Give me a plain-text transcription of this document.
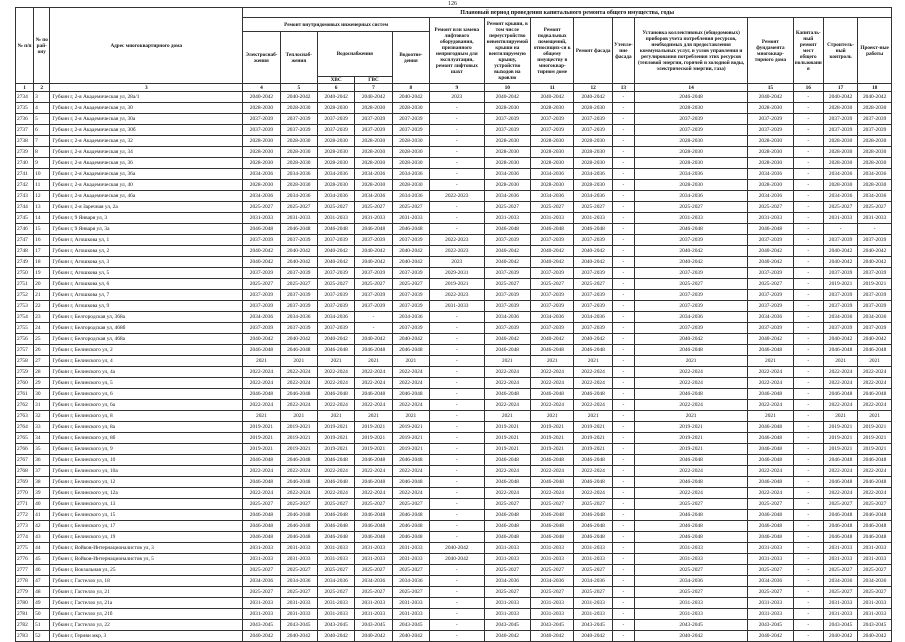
126
№ п/п	№ по рай-ону	Адрес многоквартирного дома	Плановый период проведения капитального ремонта общего имущества, годы														
			Ремонт внутридомовых инженерных систем					Ремонт или замена лифтового оборудования, признанного непригодным для эксплуатации, ремонт лифтовых шахт	Ремонт крыши, в том числе переустройство невентилируемой крыши на вентилируемую крышу, устройство выходов на кровлю	Ремонт подвальных помещений, относящих-ся к общему имуществу в многоквар-тирном доме	Ремонт фасада	Утепле-ние фасада	Установка коллективных (общедомовых) приборов учета потребления ресурсов, необходимых для предоставления коммунальных услуг, и узлов управления и регулирования потребления этих ресурсов (тепловой энергии, горячей и холодной воды, электрической энергии, газа)	Ремонт фундамента многоквар-тирного дома	Капиталь-ный ремонт мест общего пользовани я	Строитель-ный контроль	Проект-ные работы
			Электроснаб-жения	Теплоснаб-жения	Водоснабжения		Водоотве-дения										
					ХВС	ГВС											
1	2	3	4	5	6	7	8	9	10	11	12	13	14	15	16	17	18
2734	3	Губкин г, 2-я Академическая ул, 28а/1	2040-2042	2040-2042	2040-2042	2040-2042	2040-2042	2023	2040-2042	2040-2042	2040-2042	-	2046-2048	2040-2042	-	2040-2042	2040-2042
2735	4	Губкин г, 2-я Академическая ул, 30	2028-2030	2028-2030	2028-2030	2028-2030	2028-2030	-	2028-2030	2028-2030	2028-2030	-	2028-2030	2028-2030	-	2028-2030	2028-2030
2736	5	Губкин г, 2-я Академическая ул, 30а	2037-2039	2037-2039	2037-2039	2037-2039	2037-2039	-	2037-2039	2037-2039	2037-2039	-	2037-2039	2037-2039	-	2037-2039	2037-2039
2737	6	Губкин г, 2-я Академическая ул, 30б	2037-2039	2037-2039	2037-2039	2037-2039	2037-2039	-	2037-2039	2037-2039	2037-2039	-	2037-2039	2037-2039	-	2037-2039	2037-2039
2738	7	Губкин г, 2-я Академическая ул, 32	2028-2030	2028-2030	2028-2030	2028-2030	2028-2030	-	2028-2030	2028-2030	2028-2030	-	2028-2030	2028-2030	-	2028-2030	2028-2030
2739	8	Губкин г, 2-я Академическая ул, 34	2028-2030	2028-2030	2028-2030	2028-2030	2028-2030	-	2028-2030	2028-2030	2028-2030	-	2028-2030	2028-2030	-	2028-2030	2028-2030
2740	9	Губкин г, 2-я Академическая ул, 36	2028-2030	2028-2030	2028-2030	2028-2030	2028-2030	-	2028-2030	2028-2030	2028-2030	-	2028-2030	2028-2030	-	2028-2030	2028-2030
2741	10	Губкин г, 2-я Академическая ул, 36а	2034-2036	2034-2036	2034-2036	2034-2036	2034-2036	-	2034-2036	2034-2036	2034-2036	-	2034-2036	2034-2036	-	2034-2036	2034-2036
2742	11	Губкин г, 2-я Академическая ул, 40	2028-2030	2028-2030	2028-2030	2028-2030	2028-2030	-	2028-2030	2028-2030	2028-2030	-	2028-2030	2028-2030	-	2028-2030	2028-2030
2743	12	Губкин г, 2-я Академическая ул, 46а	2034-2036	2034-2036	2034-2036	2034-2036	2034-2036	2022-2023	2034-2036	2034-2036	2034-2036	-	2034-2036	2034-2036	-	2034-2036	2034-2036
2744	13	Губкин г, 2-я Заречная ул, 2а	2025-2027	2025-2027	2025-2027	2025-2027	2025-2027	-	2025-2027	2025-2027	2025-2027	-	2025-2027	2025-2027	-	2025-2027	2025-2027
2745	14	Губкин г, 9 Января ул, 3	2031-2033	2031-2033	2031-2033	2031-2033	2031-2033	-	2031-2033	2031-2033	2031-2033	-	2031-2033	2031-2033	-	2031-2033	2031-2033
2746	15	Губкин г, 9 Января ул, 3а	2046-2048	2046-2048	2046-2048	2046-2048	2046-2048	-	2046-2048	2046-2048	2046-2048	-	2046-2048	2046-2048	-	-	-
2747	16	Губкин г, Агошкова ул, 1	2037-2039	2037-2039	2037-2039	2037-2039	2037-2039	2022-2023	2037-2039	2037-2039	2037-2039	-	2037-2039	2037-2039	-	2037-2039	2037-2039
2748	17	Губкин г, Агошкова ул, 2	2040-2042	2040-2042	2040-2042	2040-2042	2040-2042	2022-2023	2040-2042	2040-2042	2040-2042	-	2040-2042	2040-2042	-	2040-2042	2040-2042
2749	18	Губкин г, Агошкова ул, 3	2040-2042	2040-2042	2040-2042	2040-2042	2040-2042	2023	2040-2042	2040-2042	2040-2042	-	2040-2042	2040-2042	-	2040-2042	2040-2042
2750	19	Губкин г, Агошкова ул, 5	2037-2039	2037-2039	2037-2039	2037-2039	2037-2039	2029-2031	2037-2039	2037-2039	2037-2039	-	2037-2039	2037-2039	-	2037-2039	2037-2039
2751	20	Губкин г, Агошкова ул, 6	2025-2027	2025-2027	2025-2027	2025-2027	2025-2027	2019-2021	2025-2027	2025-2027	2025-2027	-	2025-2027	2025-2027	-	2019-2021	2019-2021
2752	21	Губкин г, Агошкова ул, 7	2037-2039	2037-2039	2037-2039	2037-2039	2037-2039	2022-2023	2037-2039	2037-2039	2037-2039	-	2037-2039	2037-2039	-	2037-2039	2037-2039
2753	22	Губкин г, Агошкова ул, 9	2037-2039	2037-2039	2037-2039	2037-2039	2037-2039	2031-2033	2037-2039	2037-2039	2037-2039	-	2037-2039	2037-2039	-	2037-2039	2037-2039
2754	23	Губкин г, Белгородская ул, 368а	2034-2036	2034-2036	2034-2036	-	2034-2036	-	2034-2036	2034-2036	2034-2036	-	2034-2036	2034-2036	-	2034-2036	2034-2036
2755	24	Губкин г, Белгородская ул, 468б	2037-2039	2037-2039	2037-2039	-	2037-2039	-	2037-2039	2037-2039	2037-2039	-	2037-2039	2037-2039	-	2037-2039	2037-2039
2756	25	Губкин г, Белгородская ул, 468а	2040-2042	2040-2042	2040-2042	2040-2042	2040-2042	-	2040-2042	2040-2042	2040-2042	-	2040-2042	2040-2042	-	2040-2042	2040-2042
2757	26	Губкин г, Белинского ул, 2	2046-2048	2046-2048	2046-2048	2046-2048	2046-2048	-	2046-2048	2046-2048	2046-2048	-	2046-2048	2046-2048	-	2046-2048	2046-2048
2758	27	Губкин г, Белинского ул, 4	2021	2021	2021	2021	2021	-	2021	2021	2021	-	2021	2021	-	2021	2021
2759	28	Губкин г, Белинского ул, 4а	2022-2024	2022-2024	2022-2024	2022-2024	2022-2024	-	2022-2024	2022-2024	2022-2024	-	2022-2024	2022-2024	-	2022-2024	2022-2024
2760	29	Губкин г, Белинского ул, 5	2022-2024	2022-2024	2022-2024	2022-2024	2022-2024	-	2022-2024	2022-2024	2022-2024	-	2022-2024	2022-2024	-	2022-2024	2022-2024
2761	30	Губкин г, Белинского ул, 6	2046-2048	2046-2048	2046-2048	2046-2048	2046-2048	-	2046-2048	2046-2048	2046-2048	-	2046-2048	2046-2048	-	2046-2048	2046-2048
2762	31	Губкин г, Белинского ул, 6а	2022-2024	2022-2024	2022-2024	2022-2024	2022-2024	-	2022-2024	2022-2024	2022-2024	-	2022-2024	2022-2024	-	2022-2024	2022-2024
2763	32	Губкин г, Белинского ул, 8	2021	2021	2021	2021	2021	-	2021	2021	2021	-	2021	2021	-	2021	2021
2764	33	Губкин г, Белинского ул, 8а	2019-2021	2019-2021	2019-2021	2019-2021	2019-2021	-	2019-2021	2019-2021	2019-2021	-	2019-2021	2046-2048	-	2019-2021	2019-2021
2765	34	Губкин г, Белинского ул, 8б	2019-2021	2019-2021	2019-2021	2019-2021	2019-2021	-	2019-2021	2019-2021	2019-2021	-	2019-2021	2046-2048	-	2019-2021	2019-2021
2766	35	Губкин г, Белинского ул, 9	2019-2021	2019-2021	2019-2021	2019-2021	2019-2021	-	2019-2021	2019-2021	2019-2021	-	2019-2021	2046-2048	-	2019-2021	2019-2021
2767	36	Губкин г, Белинского ул, 10	2046-2048	2046-2048	2046-2048	2046-2048	2046-2048	-	2046-2048	2046-2048	2046-2048	-	2046-2048	2046-2048	-	2046-2048	2046-2048
2768	37	Губкин г, Белинского ул, 10а	2022-2024	2022-2024	2022-2024	2022-2024	2022-2024	-	2022-2024	2022-2024	2022-2024	-	2022-2024	2022-2024	-	2022-2024	2022-2024
2769	38	Губкин г, Белинского ул, 12	2046-2048	2046-2048	2046-2048	2046-2048	2046-2048	-	2046-2048	2046-2048	2046-2048	-	2046-2048	2046-2048	-	2046-2048	2046-2048
2770	39	Губкин г, Белинского ул, 12а	2022-2024	2022-2024	2022-2024	2022-2024	2022-2024	-	2022-2024	2022-2024	2022-2024	-	2022-2024	2022-2024	-	2022-2024	2022-2024
2771	40	Губкин г, Белинского ул, 13	2025-2027	2025-2027	2025-2027	2025-2027	2025-2027	-	2025-2027	2025-2027	2025-2027	-	2025-2027	2025-2027	-	2025-2027	2025-2027
2772	41	Губкин г, Белинского ул, 15	2046-2048	2046-2048	2046-2048	2046-2048	2046-2048	-	2046-2048	2046-2048	2046-2048	-	2046-2048	2046-2048	-	2046-2048	2046-2048
2773	42	Губкин г, Белинского ул, 17	2046-2048	2046-2048	2046-2048	2046-2048	2046-2048	-	2046-2048	2046-2048	2046-2048	-	2046-2048	2046-2048	-	2046-2048	2046-2048
2774	43	Губкин г, Белинского ул, 19	2046-2048	2046-2048	2046-2048	2046-2048	2046-2048	-	2046-2048	2046-2048	2046-2048	-	2046-2048	2046-2048	-	2046-2048	2046-2048
2775	44	Губкин г, Войков-Интернационалистов ул, 3	2031-2033	2031-2033	2031-2033	2031-2033	2031-2033	2040-2042	2031-2033	2031-2033	2031-2033	-	2031-2033	2031-2033	-	2031-2033	2031-2033
2776	45	Губкин г, Войков-Интернационалистов ул, 5	2031-2033	2031-2033	2031-2033	2031-2033	2031-2033	2040-2042	2031-2033	2031-2033	2031-2033	-	2031-2033	2031-2033	-	2031-2033	2031-2033
2777	46	Губкин г, Вокзальная ул, 25	2025-2027	2025-2027	2025-2027	2025-2027	2025-2027	-	2025-2027	2025-2027	2025-2027	-	2025-2027	2025-2027	-	2025-2027	2025-2027
2778	47	Губкин г, Гастелло ул, 18	2034-2036	2034-2036	2034-2036	2034-2036	2034-2036	-	2034-2036	2034-2036	2034-2036	-	2034-2036	2034-2036	-	2034-2036	2034-2036
2779	48	Губкин г, Гастелло ул, 21	2025-2027	2025-2027	2025-2027	2025-2027	2025-2027	-	2025-2027	2025-2027	2025-2027	-	2025-2027	2025-2027	-	2025-2027	2025-2027
2780	49	Губкин г, Гастелло ул, 21а	2031-2033	2031-2033	2031-2033	2031-2033	2031-2033	-	2031-2033	2031-2033	2031-2033	-	2031-2033	2031-2033	-	2031-2033	2031-2033
2781	50	Губкин г, Гастелло ул, 21б	2031-2033	2031-2033	2031-2033	2031-2033	2031-2033	-	2031-2033	2031-2033	2031-2033	-	2031-2033	2031-2033	-	2031-2033	2031-2033
2782	51	Губкин г, Гастелло ул, 22	2043-2045	2043-2045	2043-2045	2043-2045	2043-2045	-	2043-2045	2043-2045	2043-2045	-	2043-2045	2043-2045	-	2043-2045	2043-2045
2783	52	Губкин г, Гериви мкр, 3	2040-2042	2040-2042	2040-2042	2040-2042	2040-2042	-	2040-2042	2040-2042	2040-2042	-	2040-2042	2040-2042	-	2040-2042	2040-2042
